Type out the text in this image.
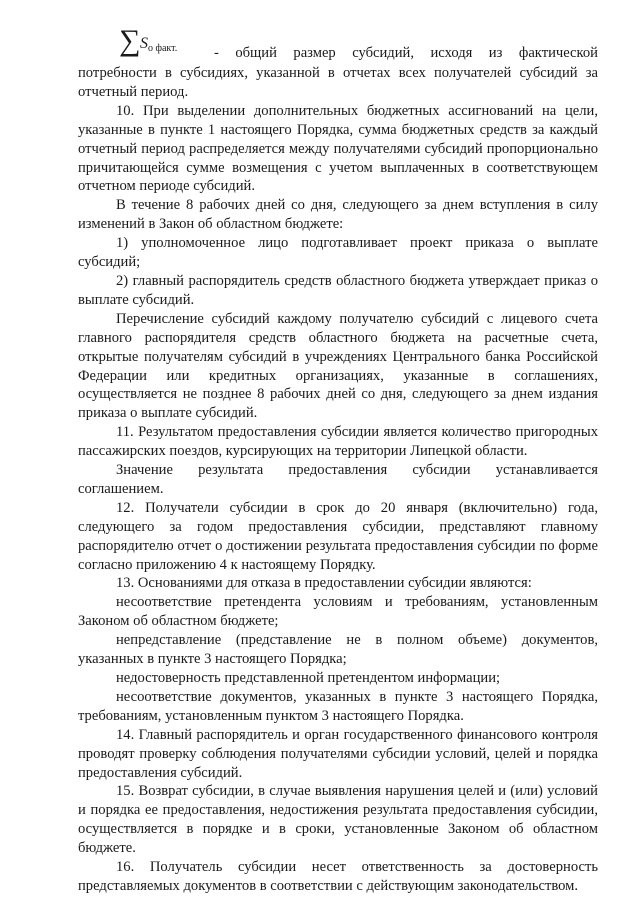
∑ $S_{о факт.}$	- общий размер субсидий, исходя из фактической

потребности в субсидиях, указанной в отчетах всех получателей субсидий за отчетный период.

10. При выделении дополнительных бюджетных ассигнований на цели, указанные в пункте 1 настоящего Порядка, сумма бюджетных средств за каждый отчетный период распределяется между получателями субсидий пропорционально причитающейся сумме возмещения с учетом выплаченных в соответствующем отчетном периоде субсидий.

В течение 8 рабочих дней со дня, следующего за днем вступления в силу изменений в Закон об областном бюджете:

1) уполномоченное лицо подготавливает проект приказа о выплате субсидий;

2) главный распорядитель средств областного бюджета утверждает приказ о выплате субсидий.

Перечисление субсидий каждому получателю субсидий с лицевого счета главного распорядителя средств областного бюджета на расчетные счета, открытые получателям субсидий в учреждениях Центрального банка Российской Федерации или кредитных организациях, указанные в соглашениях, осуществляется не позднее 8 рабочих дней со дня, следующего за днем издания приказа о выплате субсидий.

11. Результатом предоставления субсидии является количество пригородных пассажирских поездов, курсирующих на территории Липецкой области.

Значение результата предоставления субсидии устанавливается соглашением.

12. Получатели субсидии в срок до 20 января (включительно) года, следующего за годом предоставления субсидии, представляют главному распорядителю отчет о достижении результата предоставления субсидии по форме согласно приложению 4 к настоящему Порядку.

13. Основаниями для отказа в предоставлении субсидии являются:

несоответствие претендента условиям и требованиям, установленным Законом об областном бюджете;

непредставление (представление не в полном объеме) документов, указанных в пункте 3 настоящего Порядка;

недостоверность представленной претендентом информации;

несоответствие документов, указанных в пункте 3 настоящего Порядка, требованиям, установленным пунктом 3 настоящего Порядка.

14. Главный распорядитель и орган государственного финансового контроля проводят проверку соблюдения получателями субсидии условий, целей и порядка предоставления субсидий.

15. Возврат субсидии, в случае выявления нарушения целей и (или) условий и порядка ее предоставления, недостижения результата предоставления субсидии, осуществляется в порядке и в сроки, установленные Законом об областном бюджете.

16. Получатель субсидии несет ответственность за достоверность представляемых документов в соответствии с действующим законодательством.
